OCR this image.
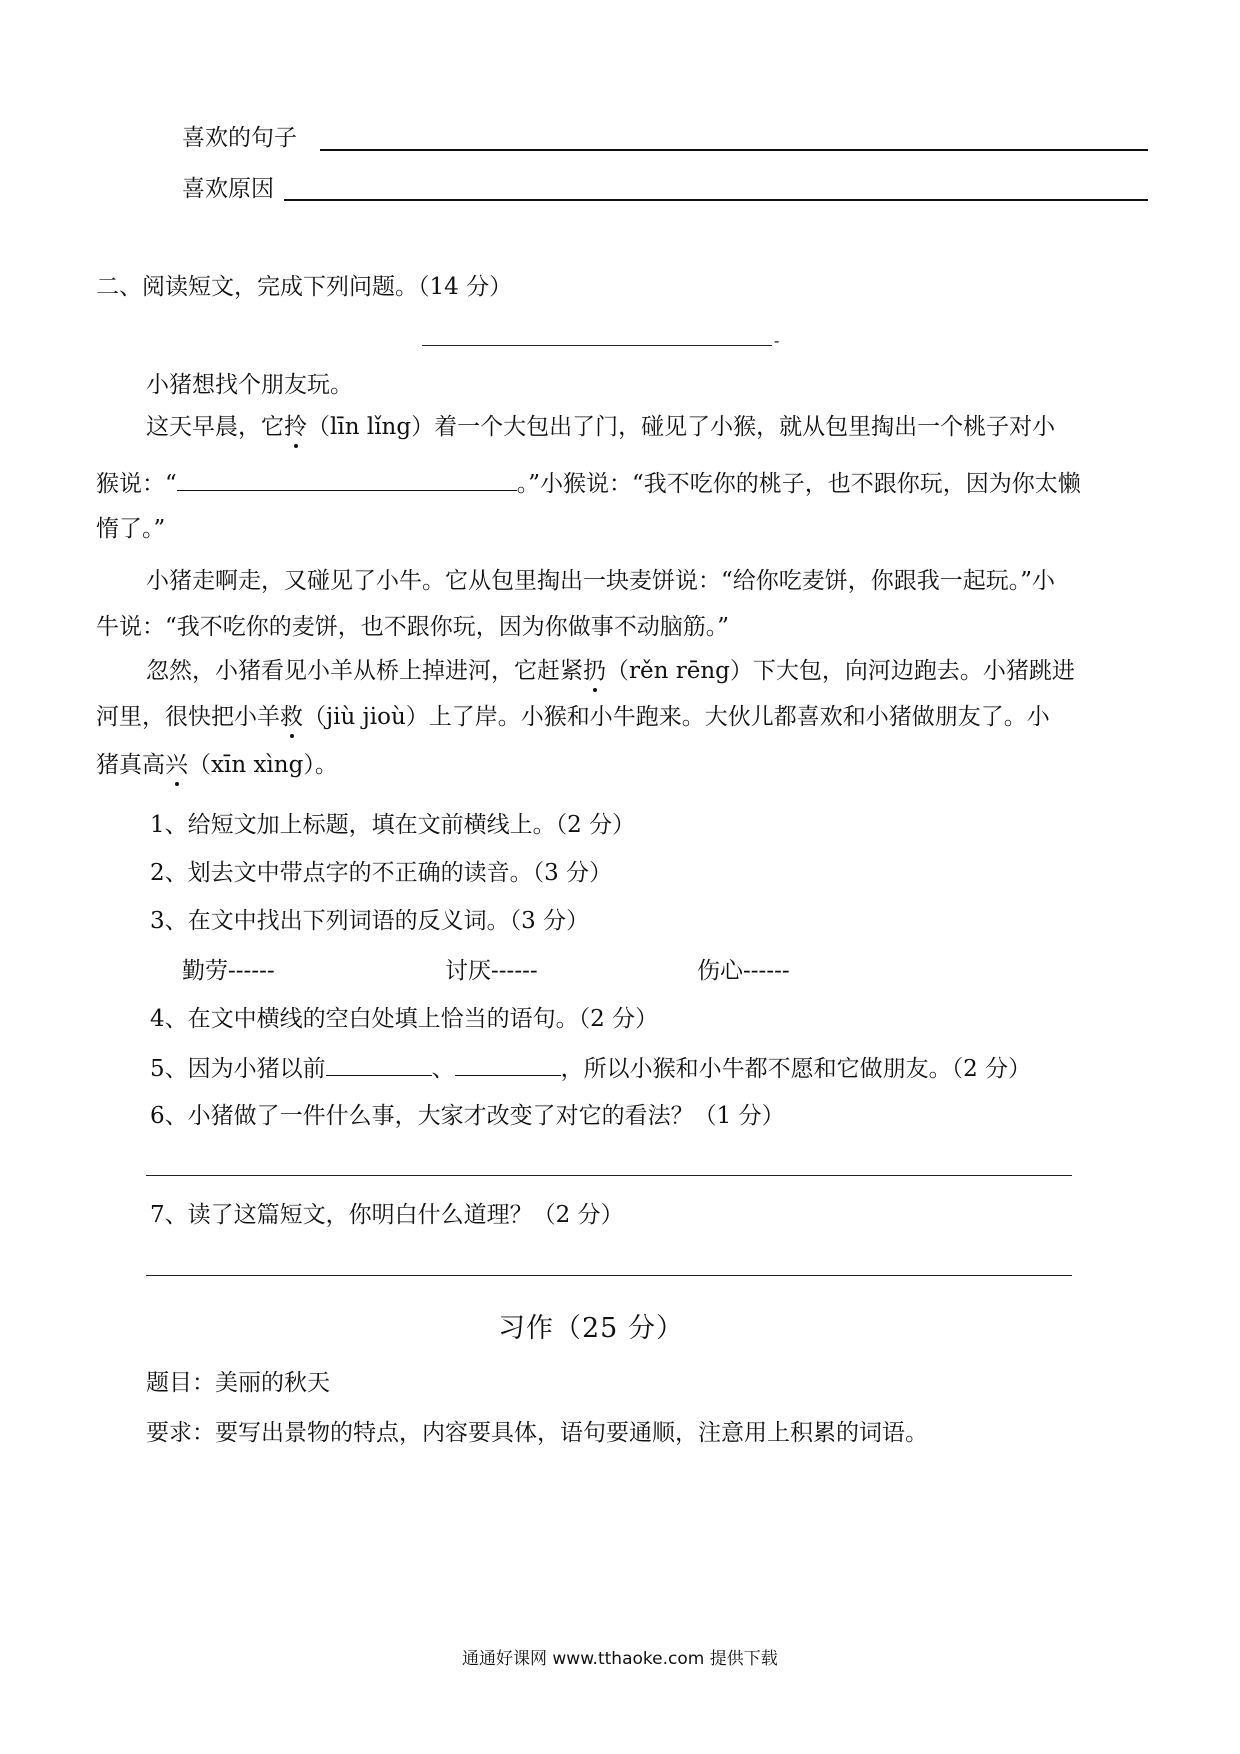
喜欢的句子
喜欢原因
二、阅读短文，完成下列问题。（14 分）
-
小猪想找个朋友玩。
这天早晨，它拎（līn lǐng）着一个大包出了门，碰见了小猴，就从包里掏出一个桃子对小
猴说：“	。”小猴说：“我不吃你的桃子，也不跟你玩，因为你太懒
惰了。”
小猪走啊走，又碰见了小牛。它从包里掏出一块麦饼说：“给你吃麦饼，你跟我一起玩。”小
牛说：“我不吃你的麦饼，也不跟你玩，因为你做事不动脑筋。”
忽然，小猪看见小羊从桥上掉进河，它赶紧扔（rěn rēng）下大包，向河边跑去。小猪跳进
河里，很快把小羊救（jiù jioù）上了岸。小猴和小牛跑来。大伙儿都喜欢和小猪做朋友了。小
猪真高兴（xīn xìng）。
1、给短文加上标题，填在文前横线上。（2 分）
2、划去文中带点字的不正确的读音。（3 分）
3、在文中找出下列词语的反义词。（3 分）
勤劳------	讨厌------	伤心------
4、在文中横线的空白处填上恰当的语句。（2 分）
5、因为小猪以前	、	，所以小猴和小牛都不愿和它做朋友。（2 分）
6、小猪做了一件什么事，大家才改变了对它的看法？（1 分）
7、读了这篇短文，你明白什么道理？（2 分）
习作（25 分）
题目：美丽的秋天
要求：要写出景物的特点，内容要具体，语句要通顺，注意用上积累的词语。
通通好课网 www.tthaoke.com 提供下载
